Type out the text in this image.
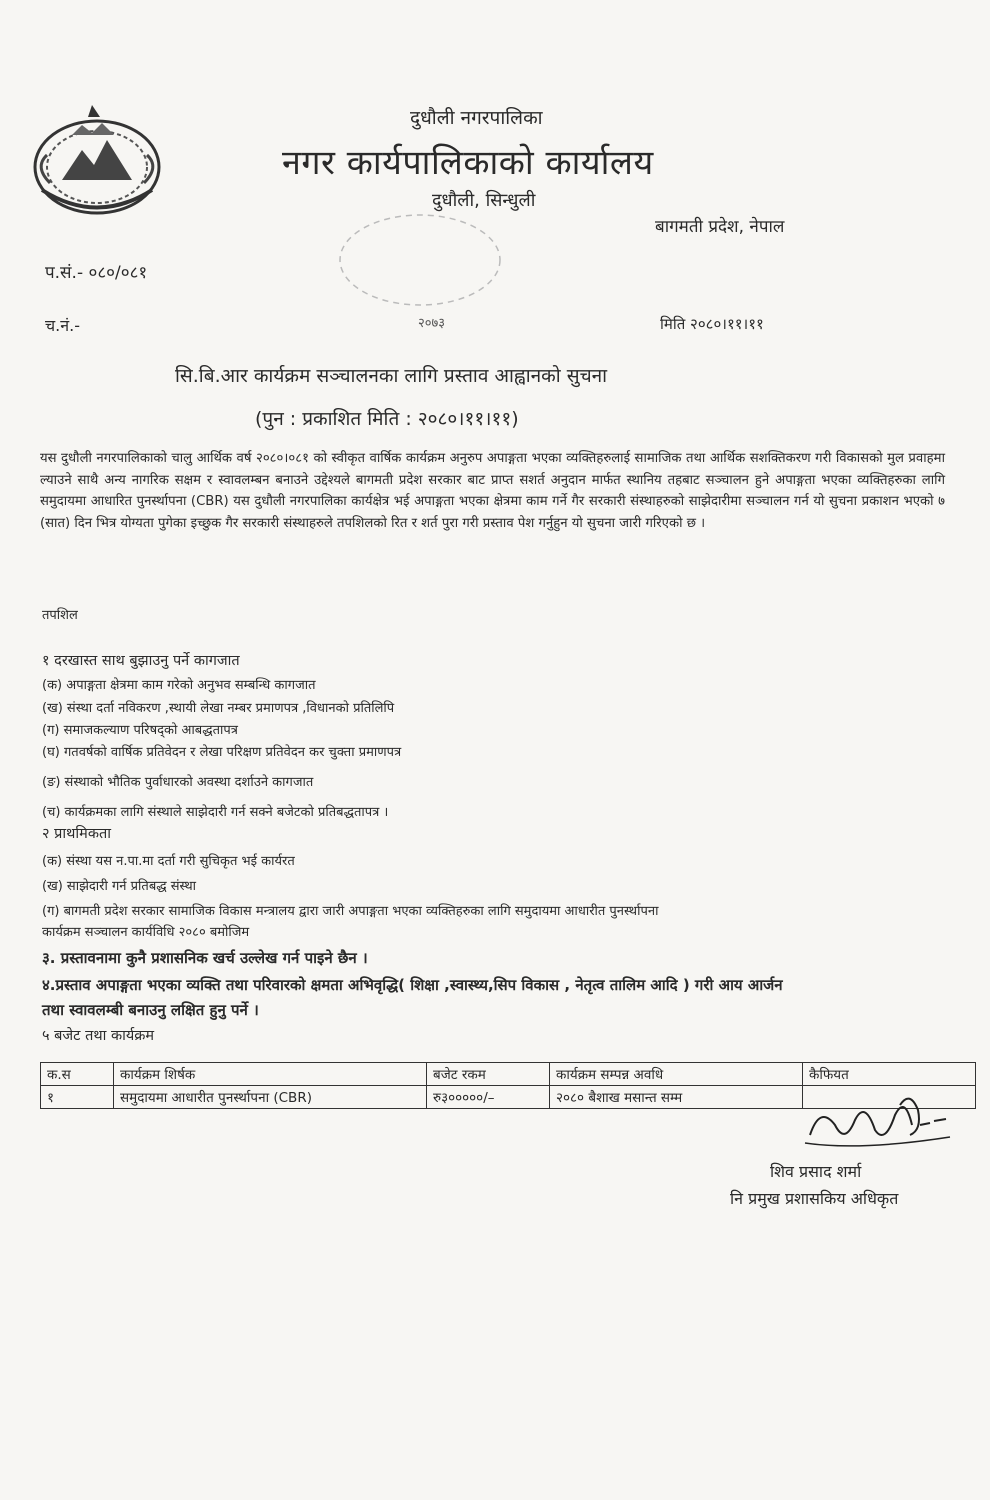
दुधौली नगरपालिका
नगर कार्यपालिकाको कार्यालय
दुधौली, सिन्धुली
बागमती प्रदेश, नेपाल
प.सं.- ०८०/०८१
च.नं.-	२०७३	मिति २०८०।११।११
सि.बि.आर कार्यक्रम सञ्चालनका लागि प्रस्ताव आह्वानको सुचना
(पुन : प्रकाशित मिति : २०८०।११।११)
यस दुधौली नगरपालिकाको चालु आर्थिक वर्ष २०८०।०८१ को स्वीकृत वार्षिक कार्यक्रम अनुरुप अपाङ्गता भएका व्यक्तिहरुलाई सामाजिक तथा आर्थिक सशक्तिकरण गरी विकासको मुल प्रवाहमा ल्याउने साथै अन्य नागरिक सक्षम र स्वावलम्बन बनाउने उद्देश्यले बागमती प्रदेश सरकार बाट प्राप्त सशर्त अनुदान मार्फत स्थानिय तहबाट सञ्चालन हुने अपाङ्गता भएका व्यक्तिहरुका लागि समुदायमा आधारित पुनर्स्थापना (CBR) यस दुधौली नगरपालिका कार्यक्षेत्र भई अपाङ्गता भएका क्षेत्रमा काम गर्ने गैर सरकारी संस्थाहरुको साझेदारीमा सञ्चालन गर्न यो सुचना प्रकाशन भएको ७ (सात) दिन भित्र योग्यता पुगेका इच्छुक गैर सरकारी संस्थाहरुले तपशिलको रित र शर्त पुरा गरी प्रस्ताव पेश गर्नुहुन यो सुचना जारी गरिएको छ ।
तपशिल
१ दरखास्त साथ बुझाउनु पर्ने कागजात
(क) अपाङ्गता क्षेत्रमा काम गरेको अनुभव सम्बन्धि कागजात
(ख) संस्था दर्ता नविकरण ,स्थायी लेखा नम्बर प्रमाणपत्र ,विधानको प्रतिलिपि
(ग) समाजकल्याण परिषद्को आबद्धतापत्र
(घ) गतवर्षको वार्षिक प्रतिवेदन र लेखा परिक्षण प्रतिवेदन कर चुक्ता प्रमाणपत्र
(ङ) संस्थाको भौतिक पुर्वाधारको अवस्था दर्शाउने कागजात
(च) कार्यक्रमका लागि संस्थाले साझेदारी गर्न सक्ने बजेटको प्रतिबद्धतापत्र ।
२ प्राथमिकता
(क) संस्था यस न.पा.मा दर्ता गरी सुचिकृत भई कार्यरत
(ख) साझेदारी गर्न प्रतिबद्ध संस्था
(ग) बागमती प्रदेश सरकार सामाजिक विकास मन्त्रालय द्वारा जारी अपाङ्गता भएका व्यक्तिहरुका लागि समुदायमा आधारीत पुनर्स्थापना
कार्यक्रम सञ्चालन कार्यविधि २०८० बमोजिम
३. प्रस्तावनामा कुनै प्रशासनिक खर्च उल्लेख गर्न पाइने छैन ।
४.प्रस्ताव अपाङ्गता भएका व्यक्ति तथा परिवारको क्षमता अभिवृद्धि( शिक्षा ,स्वास्थ्य,सिप विकास , नेतृत्व तालिम आदि ) गरी आय आर्जन
तथा स्वावलम्बी बनाउनु लक्षित हुनु पर्ने ।
५ बजेट तथा कार्यक्रम
क.स	कार्यक्रम शिर्षक	बजेट रकम	कार्यक्रम सम्पन्न अवधि	कैफियत
१	समुदायमा आधारीत पुनर्स्थापना (CBR)	रु३०००००/–	२०८० बैशाख मसान्त सम्म	
शिव प्रसाद शर्मा
नि प्रमुख प्रशासकिय अधिकृत
